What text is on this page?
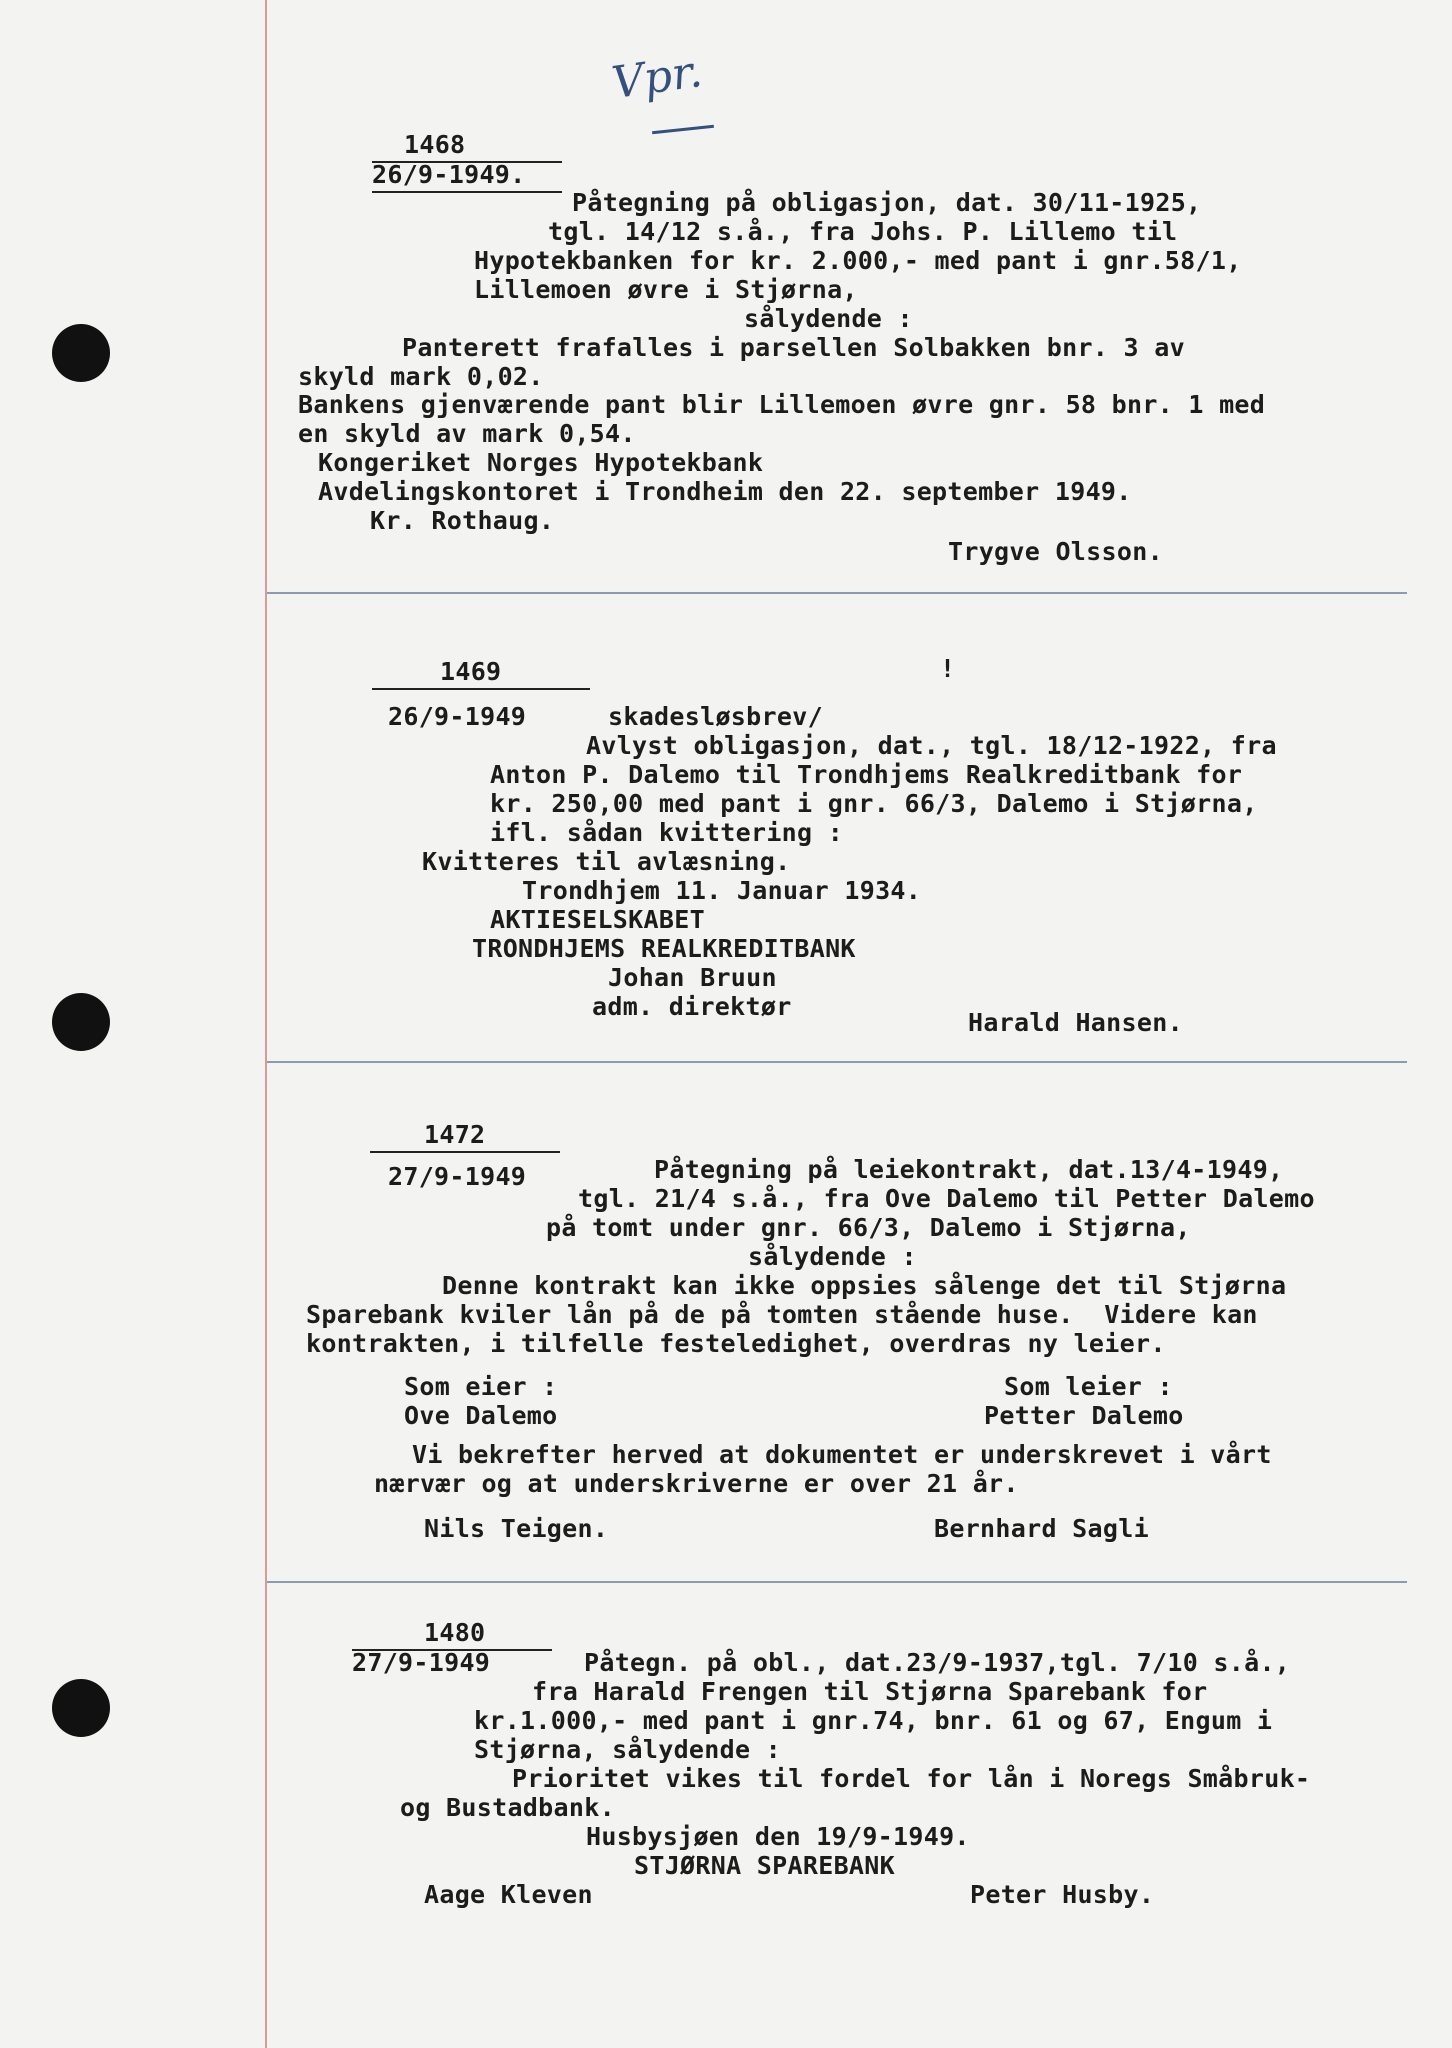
Vpr.
1468
26/9-1949.
Påtegning på obligasjon, dat. 30/11-1925,
tgl. 14/12 s.å., fra Johs. P. Lillemo til
Hypotekbanken for kr. 2.000,- med pant i gnr.58/1,
Lillemoen øvre i Stjørna,
sålydende :
Panterett frafalles i parsellen Solbakken bnr. 3 av
skyld mark 0,02.
Bankens gjenværende pant blir Lillemoen øvre gnr. 58 bnr. 1 med
en skyld av mark 0,54.
Kongeriket Norges Hypotekbank
Avdelingskontoret i Trondheim den 22. september 1949.
Kr. Rothaug.
Trygve Olsson.
1469	!
26/9-1949	skadesløsbrev/
Avlyst obligasjon, dat., tgl. 18/12-1922, fra
Anton P. Dalemo til Trondhjems Realkreditbank for
kr. 250,00 med pant i gnr. 66/3, Dalemo i Stjørna,
ifl. sådan kvittering :
Kvitteres til avlæsning.
Trondhjem 11. Januar 1934.
AKTIESELSKABET
TRONDHJEMS REALKREDITBANK
Johan Bruun
adm. direktør
Harald Hansen.
1472
27/9-1949	Påtegning på leiekontrakt, dat.13/4-1949,
tgl. 21/4 s.å., fra Ove Dalemo til Petter Dalemo
på tomt under gnr. 66/3, Dalemo i Stjørna,
sålydende :
Denne kontrakt kan ikke oppsies sålenge det til Stjørna
Sparebank kviler lån på de på tomten stående huse.  Videre kan
kontrakten, i tilfelle festeledighet, overdras ny leier.
Som eier :	Som leier :
Ove Dalemo	Petter Dalemo
Vi bekrefter herved at dokumentet er underskrevet i vårt
nærvær og at underskriverne er over 21 år.
Nils Teigen.	Bernhard Sagli
1480
27/9-1949	Påtegn. på obl., dat.23/9-1937,tgl. 7/10 s.å.,
fra Harald Frengen til Stjørna Sparebank for
kr.1.000,- med pant i gnr.74, bnr. 61 og 67, Engum i
Stjørna, sålydende :
Prioritet vikes til fordel for lån i Noregs Småbruk-
og Bustadbank.
Husbysjøen den 19/9-1949.
STJØRNA SPAREBANK
Aage Kleven	Peter Husby.
